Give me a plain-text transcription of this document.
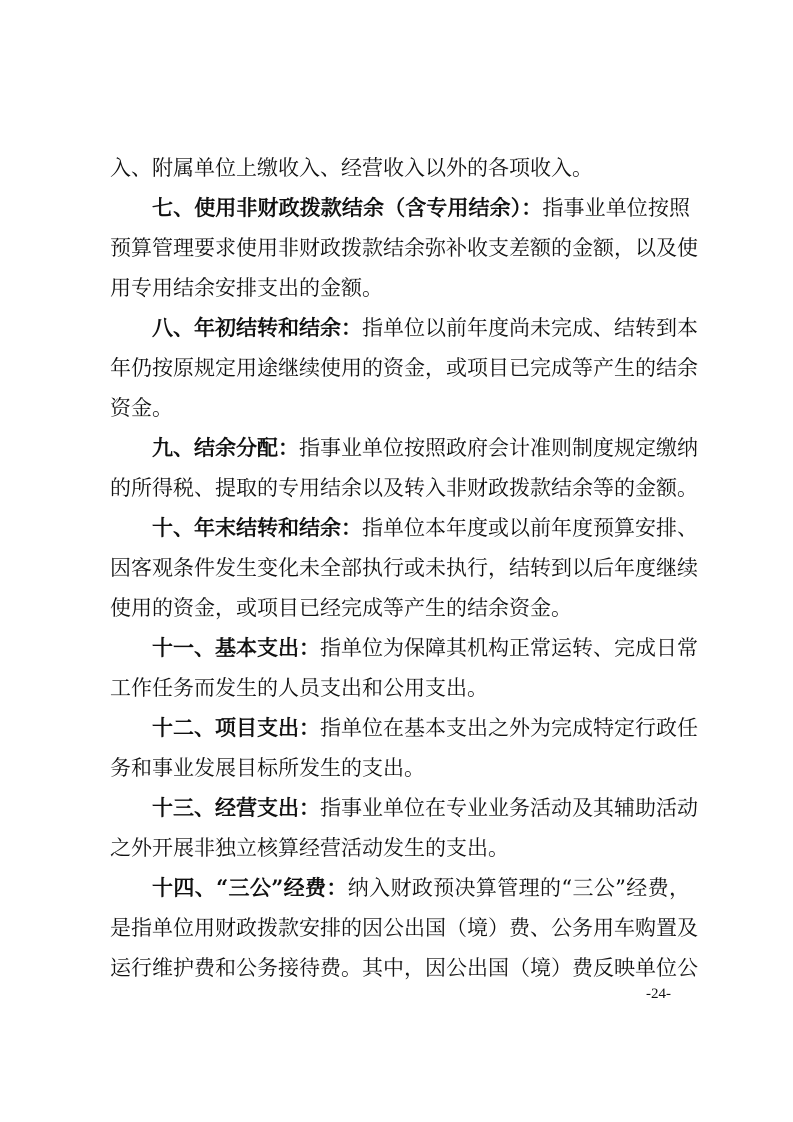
入、附属单位上缴收入、经营收入以外的各项收入。
七、使用非财政拨款结余（含专用结余）：指事业单位按照
预算管理要求使用非财政拨款结余弥补收支差额的金额，以及使
用专用结余安排支出的金额。
八、年初结转和结余：指单位以前年度尚未完成、结转到本
年仍按原规定用途继续使用的资金，或项目已完成等产生的结余
资金。
九、结余分配：指事业单位按照政府会计准则制度规定缴纳
的所得税、提取的专用结余以及转入非财政拨款结余等的金额。
十、年末结转和结余：指单位本年度或以前年度预算安排、
因客观条件发生变化未全部执行或未执行，结转到以后年度继续
使用的资金，或项目已经完成等产生的结余资金。
十一、基本支出：指单位为保障其机构正常运转、完成日常
工作任务而发生的人员支出和公用支出。
十二、项目支出：指单位在基本支出之外为完成特定行政任
务和事业发展目标所发生的支出。
十三、经营支出：指事业单位在专业业务活动及其辅助活动
之外开展非独立核算经营活动发生的支出。
十四、“三公”经费：纳入财政预决算管理的“三公”经费，
是指单位用财政拨款安排的因公出国（境）费、公务用车购置及
运行维护费和公务接待费。其中，因公出国（境）费反映单位公
-24-
